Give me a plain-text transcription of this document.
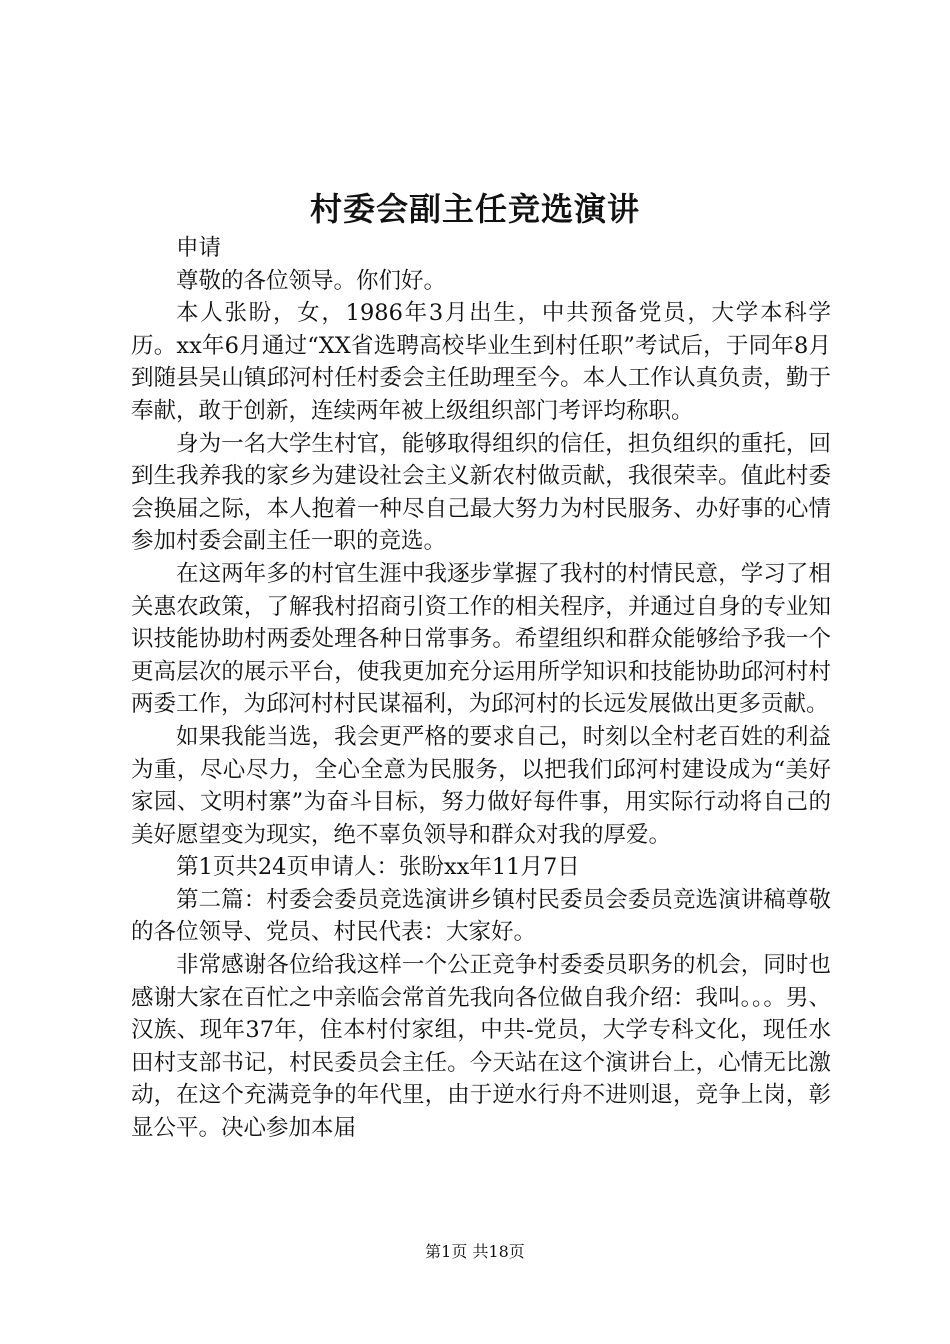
村委会副主任竞选演讲

申请

尊敬的各位领导。你们好。

本人张盼，女，1986年3月出生，中共预备党员，大学本科学历。xx年6月通过“XX省选聘高校毕业生到村任职”考试后，于同年8月到随县吴山镇邱河村任村委会主任助理至今。本人工作认真负责，勤于奉献，敢于创新，连续两年被上级组织部门考评均称职。

身为一名大学生村官，能够取得组织的信任，担负组织的重托，回到生我养我的家乡为建设社会主义新农村做贡献，我很荣幸。值此村委会换届之际，本人抱着一种尽自己最大努力为村民服务、办好事的心情参加村委会副主任一职的竞选。

在这两年多的村官生涯中我逐步掌握了我村的村情民意，学习了相关惠农政策，了解我村招商引资工作的相关程序，并通过自身的专业知识技能协助村两委处理各种日常事务。希望组织和群众能够给予我一个更高层次的展示平台，使我更加充分运用所学知识和技能协助邱河村村两委工作，为邱河村村民谋福利，为邱河村的长远发展做出更多贡献。

如果我能当选，我会更严格的要求自己，时刻以全村老百姓的利益为重，尽心尽力，全心全意为民服务，以把我们邱河村建设成为“美好家园、文明村寨”为奋斗目标，努力做好每件事，用实际行动将自己的美好愿望变为现实，绝不辜负领导和群众对我的厚爱。

第1页共24页申请人：张盼xx年11月7日

第二篇：村委会委员竞选演讲乡镇村民委员会委员竞选演讲稿尊敬的各位领导、党员、村民代表：大家好。

非常感谢各位给我这样一个公正竞争村委委员职务的机会，同时也感谢大家在百忙之中亲临会常首先我向各位做自我介绍：我叫。。。男、汉族、现年37年，住本村付家组，中共-党员，大学专科文化，现任水田村支部书记，村民委员会主任。今天站在这个演讲台上，心情无比激动，在这个充满竞争的年代里，由于逆水行舟不进则退，竞争上岗，彰显公平。决心参加本届

第1页 共18页
